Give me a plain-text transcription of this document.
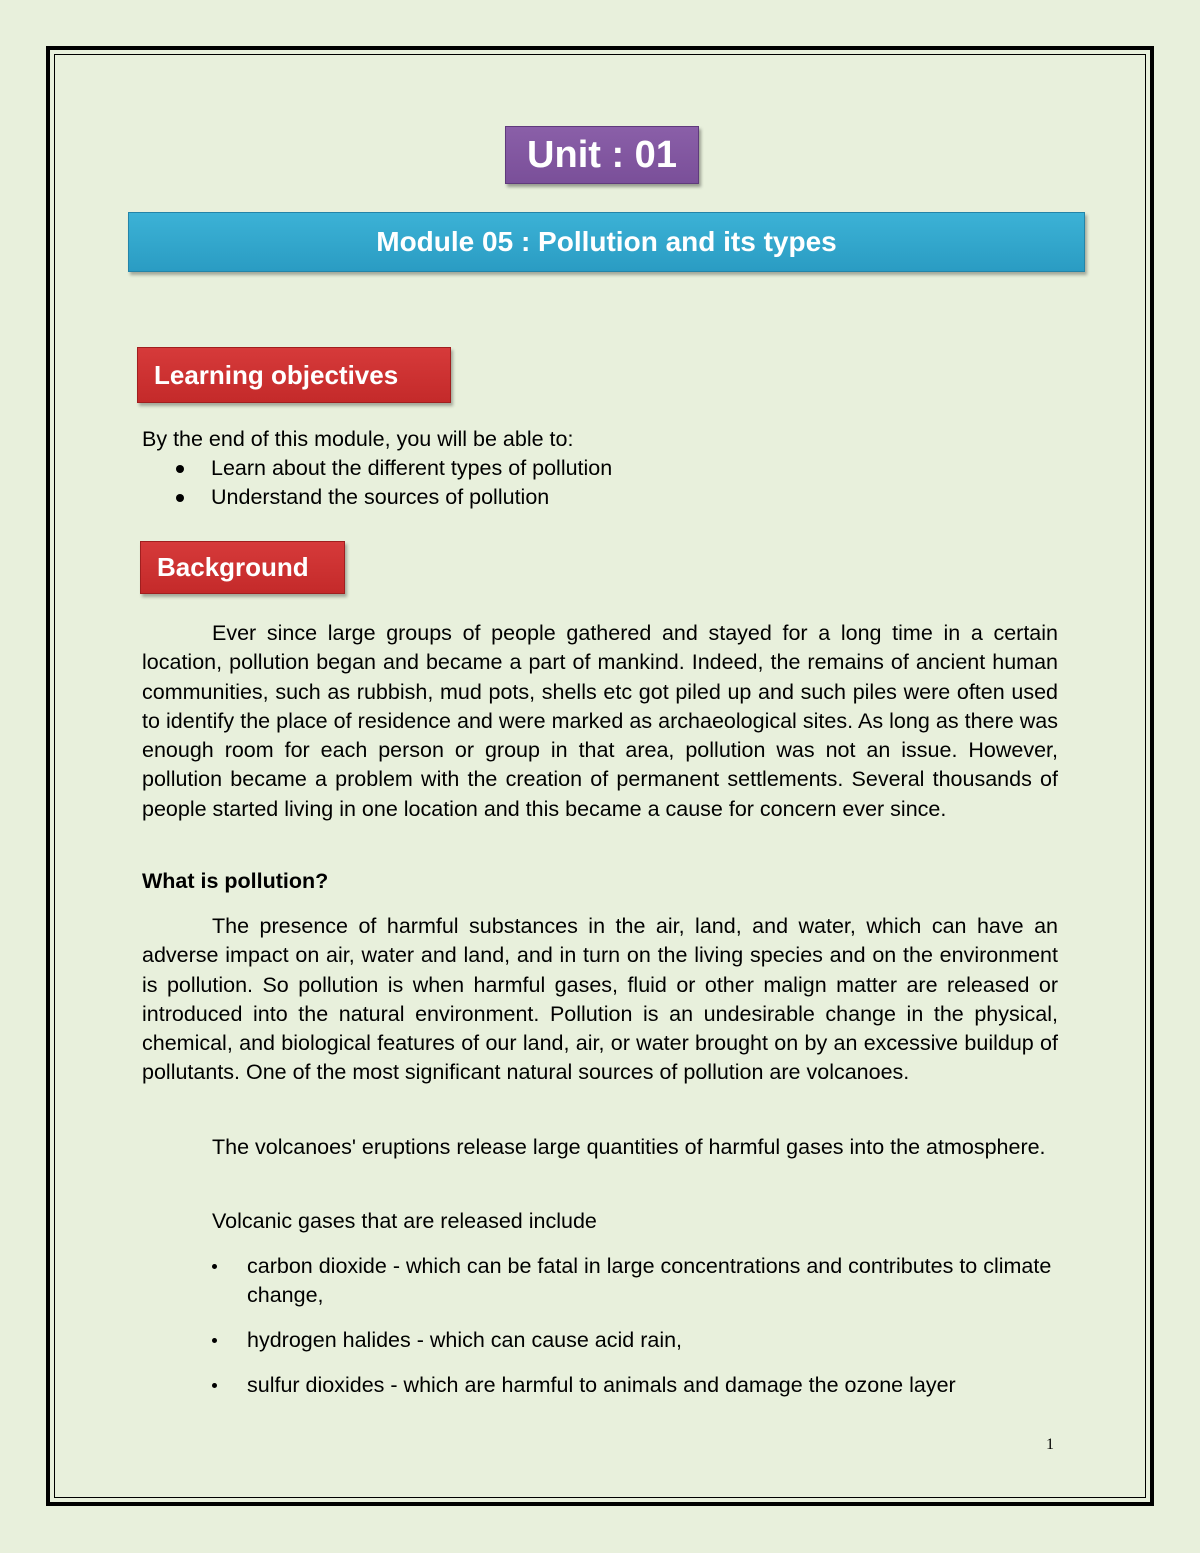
Unit : 01
Module 05 : Pollution and its types
Learning objectives
By the end of this module, you will be able to:
Learn about the different types of pollution
Understand the sources of pollution
Background

Ever since large groups of people gathered and stayed for a long time in a certain location, pollution began and became a part of mankind. Indeed, the remains of ancient human communities, such as rubbish, mud pots, shells etc got piled up and such piles were often used to identify the place of residence and were marked as archaeological sites. As long as there was enough room for each person or group in that area, pollution was not an issue. However, pollution became a problem with the creation of permanent settlements. Several thousands of people started living in one location and this became a cause for concern ever since.

What is pollution?

The presence of harmful substances in the air, land, and water, which can have an adverse impact on air, water and land, and in turn on the living species and on the environment is pollution. So pollution is when harmful gases, fluid or other malign matter are released or introduced into the natural environment. Pollution is an undesirable change in the physical, chemical, and biological features of our land, air, or water brought on by an excessive buildup of pollutants. One of the most significant natural sources of pollution are volcanoes.

The volcanoes' eruptions release large quantities of harmful gases into the atmosphere.

Volcanic gases that are released include
carbon dioxide - which can be fatal in large concentrations and contributes to climate change,
hydrogen halides - which can cause acid rain,
sulfur dioxides - which are harmful to animals and damage the ozone layer
1
